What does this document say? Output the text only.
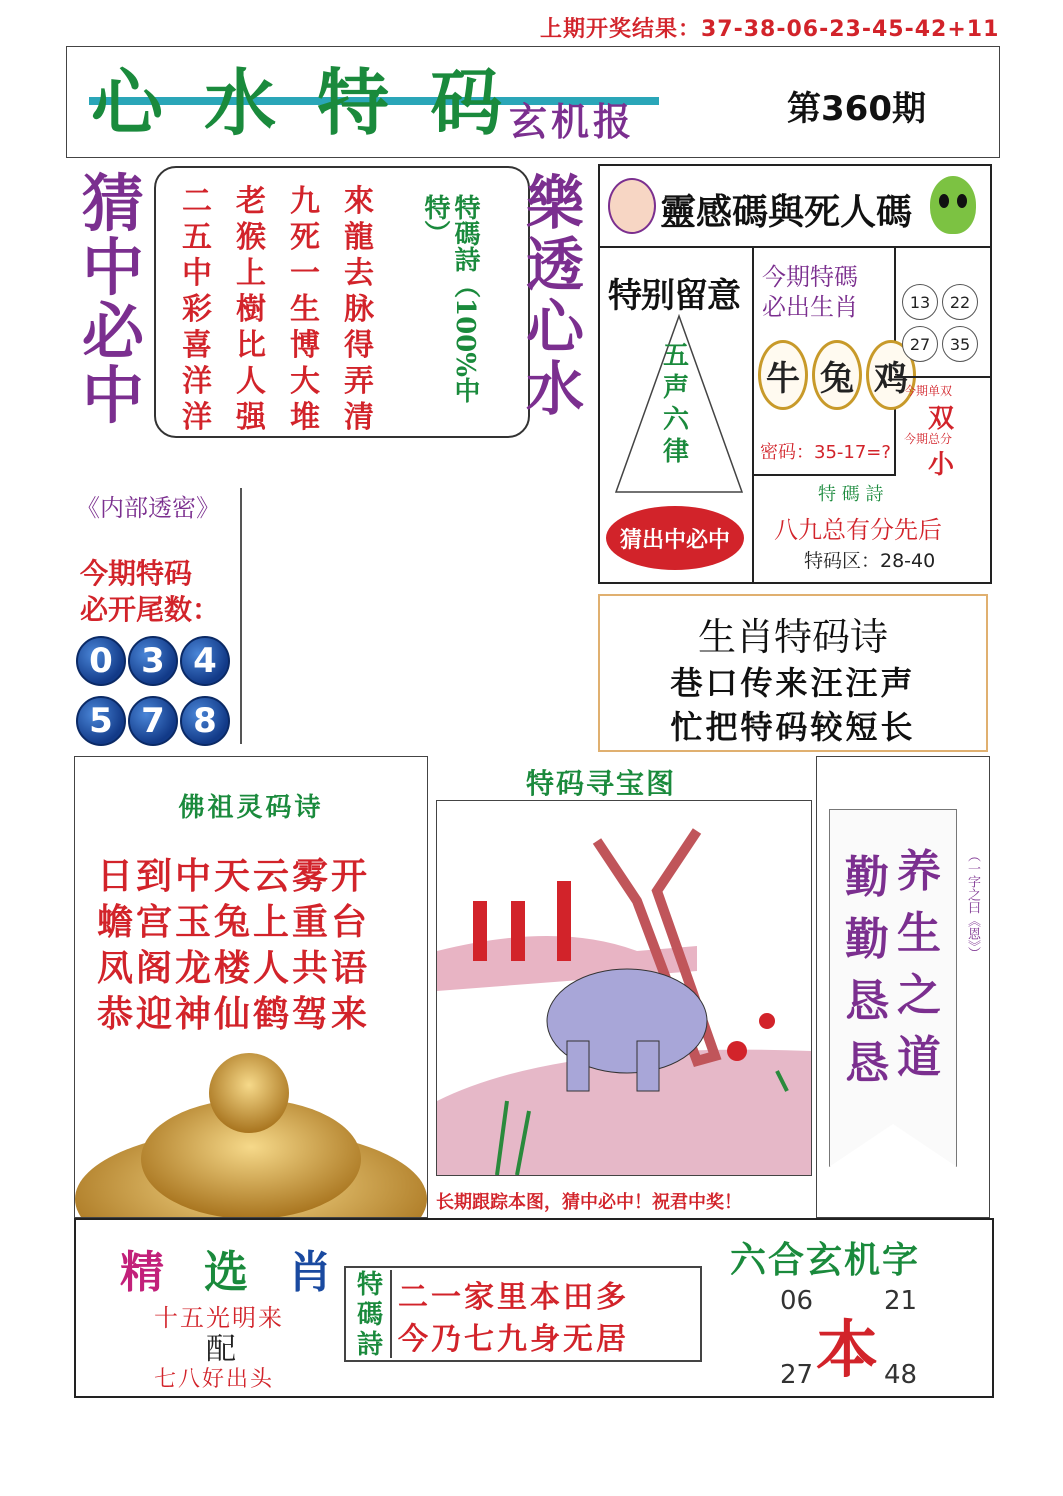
上期开奖结果：37-38-06-23-45-42+11
心 水 特 码
玄机报	第360期
猜
中
必
中
二
五
中
彩
喜
洋
洋
老
猴
上
樹
比
人
强
九
死
一
生
博
大
堆
來
龍
去
脉
得
弄
清
特碼詩（100%中特）	樂
透
心
水
靈感碼與死人碼
特别留意
五
声
六
律
猜出中必中
今期特碼
必出生肖
牛 兔 鸡
密码：35-17=?
13	22
27	35
今期单双
双
今期总分
小
特 碼 詩
八九总有分先后
特码区：28-40
《内部透密》
今期特码
必开尾数：
0 3 4
5 7 8
生肖特码诗
巷口传来汪汪声
忙把特码较短长
佛祖灵码诗
日到中天云雾开
蟾宫玉兔上重台
凤阁龙楼人共语
恭迎神仙鹤驾来
特码寻宝图
长期跟踪本图，猜中必中！祝君中奖！
勤
勤
恳
恳
养
生
之
道
（一字之曰《恩》）
精 选 肖
十五光明来
配
七八好出头
特
碼
詩
二一家里本田多
今乃七九身无居
六合玄机字
06	21
本
27	48
